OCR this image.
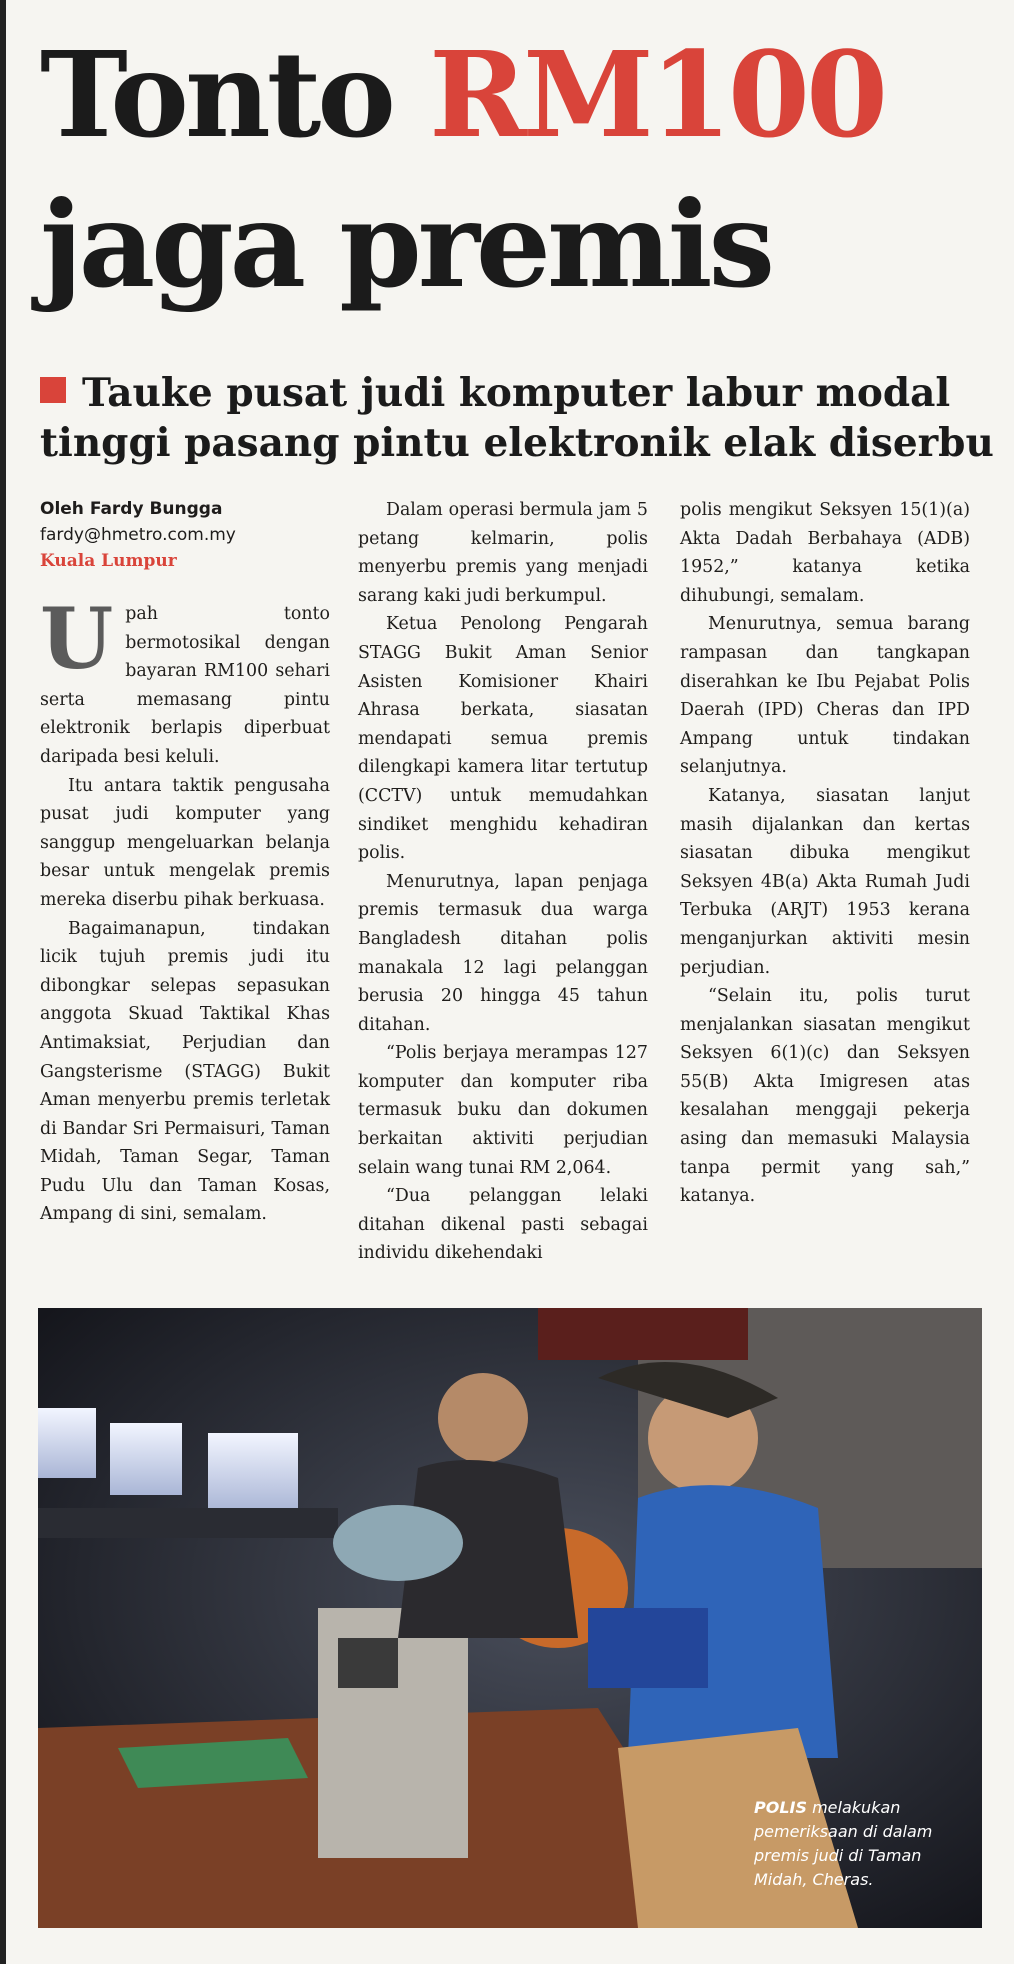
Tonto RM100
jaga premis
Tauke pusat judi komputer labur modal tinggi pasang pintu elektronik elak diserbu
Oleh Fardy Bungga
fardy@hmetro.com.my
Kuala Lumpur

Upah tonto bermotosikal dengan bayaran RM100 sehari serta memasang pintu elektronik berlapis diperbuat daripada besi keluli.

Itu antara taktik pengusaha pusat judi komputer yang sanggup mengeluarkan belanja besar untuk mengelak premis mereka diserbu pihak berkuasa.

Bagaimanapun, tindakan licik tujuh premis judi itu dibongkar selepas sepasukan anggota Skuad Taktikal Khas Antimaksiat, Perjudian dan Gangsterisme (STAGG) Bukit Aman menyerbu premis terletak di Bandar Sri Permaisuri, Taman Midah, Taman Segar, Taman Pudu Ulu dan Taman Kosas, Ampang di sini, semalam.

Dalam operasi bermula jam 5 petang kelmarin, polis menyerbu premis yang menjadi sarang kaki judi berkumpul.

Ketua Penolong Pengarah STAGG Bukit Aman Senior Asisten Komisioner Khairi Ahrasa berkata, siasatan mendapati semua premis dilengkapi kamera litar tertutup (CCTV) untuk memudahkan sindiket menghidu kehadiran polis.

Menurutnya, lapan penjaga premis termasuk dua warga Bangladesh ditahan polis manakala 12 lagi pelanggan berusia 20 hingga 45 tahun ditahan.

“Polis berjaya merampas 127 komputer dan komputer riba termasuk buku dan dokumen berkaitan aktiviti perjudian selain wang tunai RM 2,064.

“Dua pelanggan lelaki ditahan dikenal pasti sebagai individu dikehendaki

polis mengikut Seksyen 15(1)(a) Akta Dadah Berbahaya (ADB) 1952,” katanya ketika dihubungi, semalam.

Menurutnya, semua barang rampasan dan tangkapan diserahkan ke Ibu Pejabat Polis Daerah (IPD) Cheras dan IPD Ampang untuk tindakan selanjutnya.

Katanya, siasatan lanjut masih dijalankan dan kertas siasatan dibuka mengikut Seksyen 4B(a) Akta Rumah Judi Terbuka (ARJT) 1953 kerana menganjurkan aktiviti mesin perjudian.

“Selain itu, polis turut menjalankan siasatan mengikut Seksyen 6(1)(c) dan Seksyen 55(B) Akta Imigresen atas kesalahan menggaji pekerja asing dan memasuki Malaysia tanpa permit yang sah,” katanya.

POLIS melakukan pemeriksaan di dalam premis judi di Taman Midah, Cheras.
